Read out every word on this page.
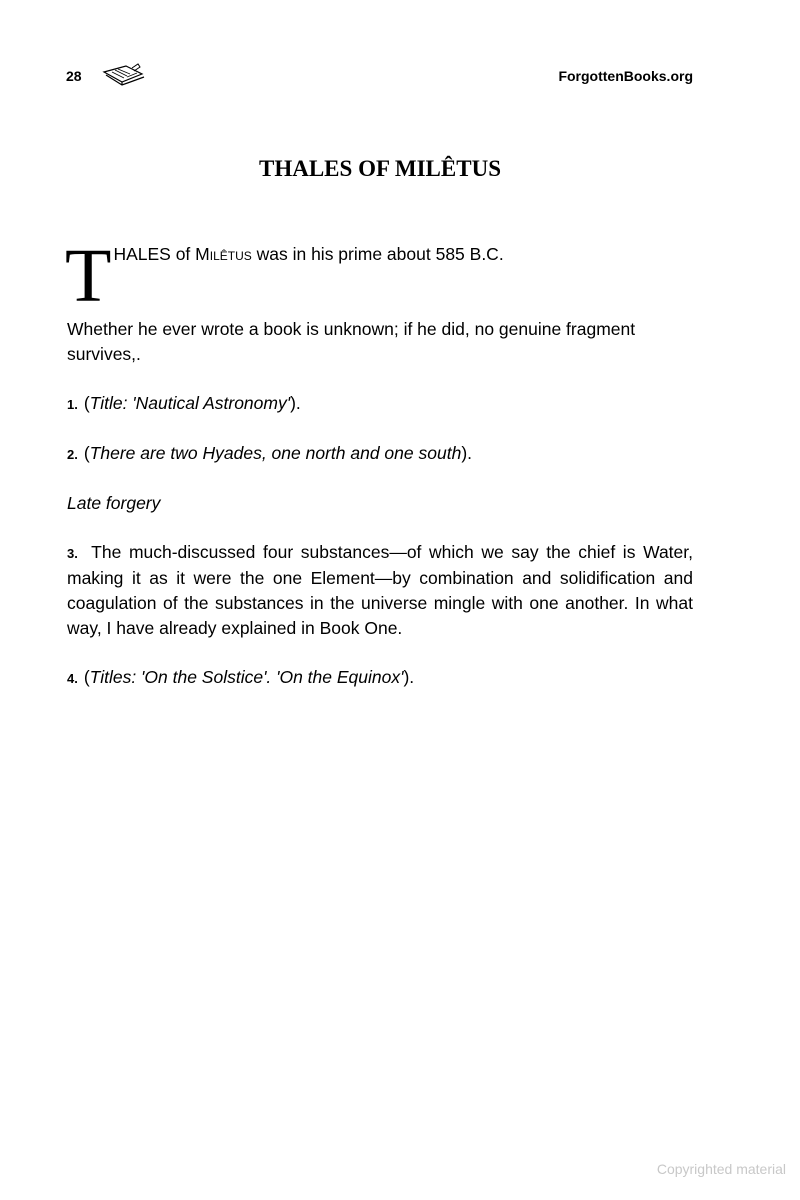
28	ForgottenBooks.org
THALES OF MILÊTUS
T HALES of Milêtus was in his prime about 585 B.C.

Whether he ever wrote a book is unknown; if he did, no genuine fragment survives,.

1. (Title: 'Nautical Astronomy').

2. (There are two Hyades, one north and one south).

Late forgery

3. The much-discussed four substances—of which we say the chief is Water, making it as it were the one Element—by combination and solidification and coagulation of the substances in the universe mingle with one another. In what way, I have already explained in Book One.

4. (Titles: 'On the Solstice'. 'On the Equinox').

Copyrighted material
